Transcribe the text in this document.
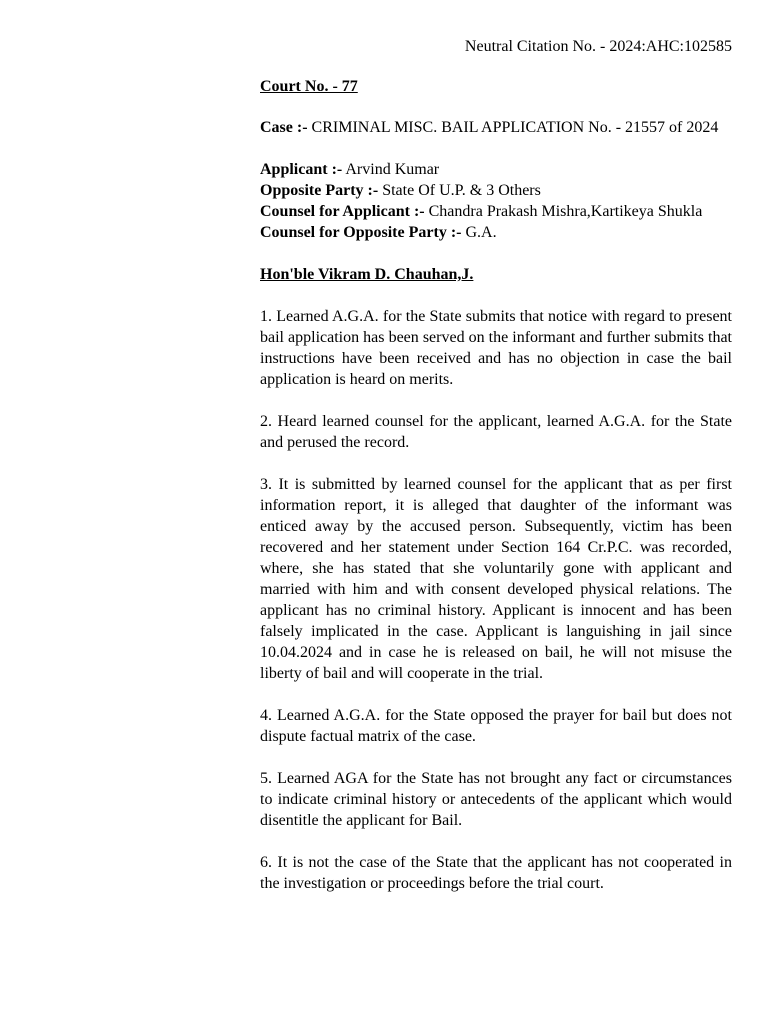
Neutral Citation No. - 2024:AHC:102585
Court No. - 77
Case :- CRIMINAL MISC. BAIL APPLICATION No. - 21557 of 2024
Applicant :- Arvind Kumar
Opposite Party :- State Of U.P. & 3 Others
Counsel for Applicant :- Chandra Prakash Mishra,Kartikeya Shukla
Counsel for Opposite Party :- G.A.
Hon'ble Vikram D. Chauhan,J.

1. Learned A.G.A. for the State submits that notice with regard to present bail application has been served on the informant and further submits that instructions have been received and has no objection in case the bail application is heard on merits.

2. Heard learned counsel for the applicant, learned A.G.A. for the State and perused the record.

3. It is submitted by learned counsel for the applicant that as per first information report, it is alleged that daughter of the informant was enticed away by the accused person. Subsequently, victim has been recovered and her statement under Section 164 Cr.P.C. was recorded, where, she has stated that she voluntarily gone with applicant and married with him and with consent developed physical relations. The applicant has no criminal history. Applicant is innocent and has been falsely implicated in the case. Applicant is languishing in jail since 10.04.2024 and in case he is released on bail, he will not misuse the liberty of bail and will cooperate in the trial.

4. Learned A.G.A. for the State opposed the prayer for bail but does not dispute factual matrix of the case.

5. Learned AGA for the State has not brought any fact or circumstances to indicate criminal history or antecedents of the applicant which would disentitle the applicant for Bail.

6. It is not the case of the State that the applicant has not cooperated in the investigation or proceedings before the trial court.
